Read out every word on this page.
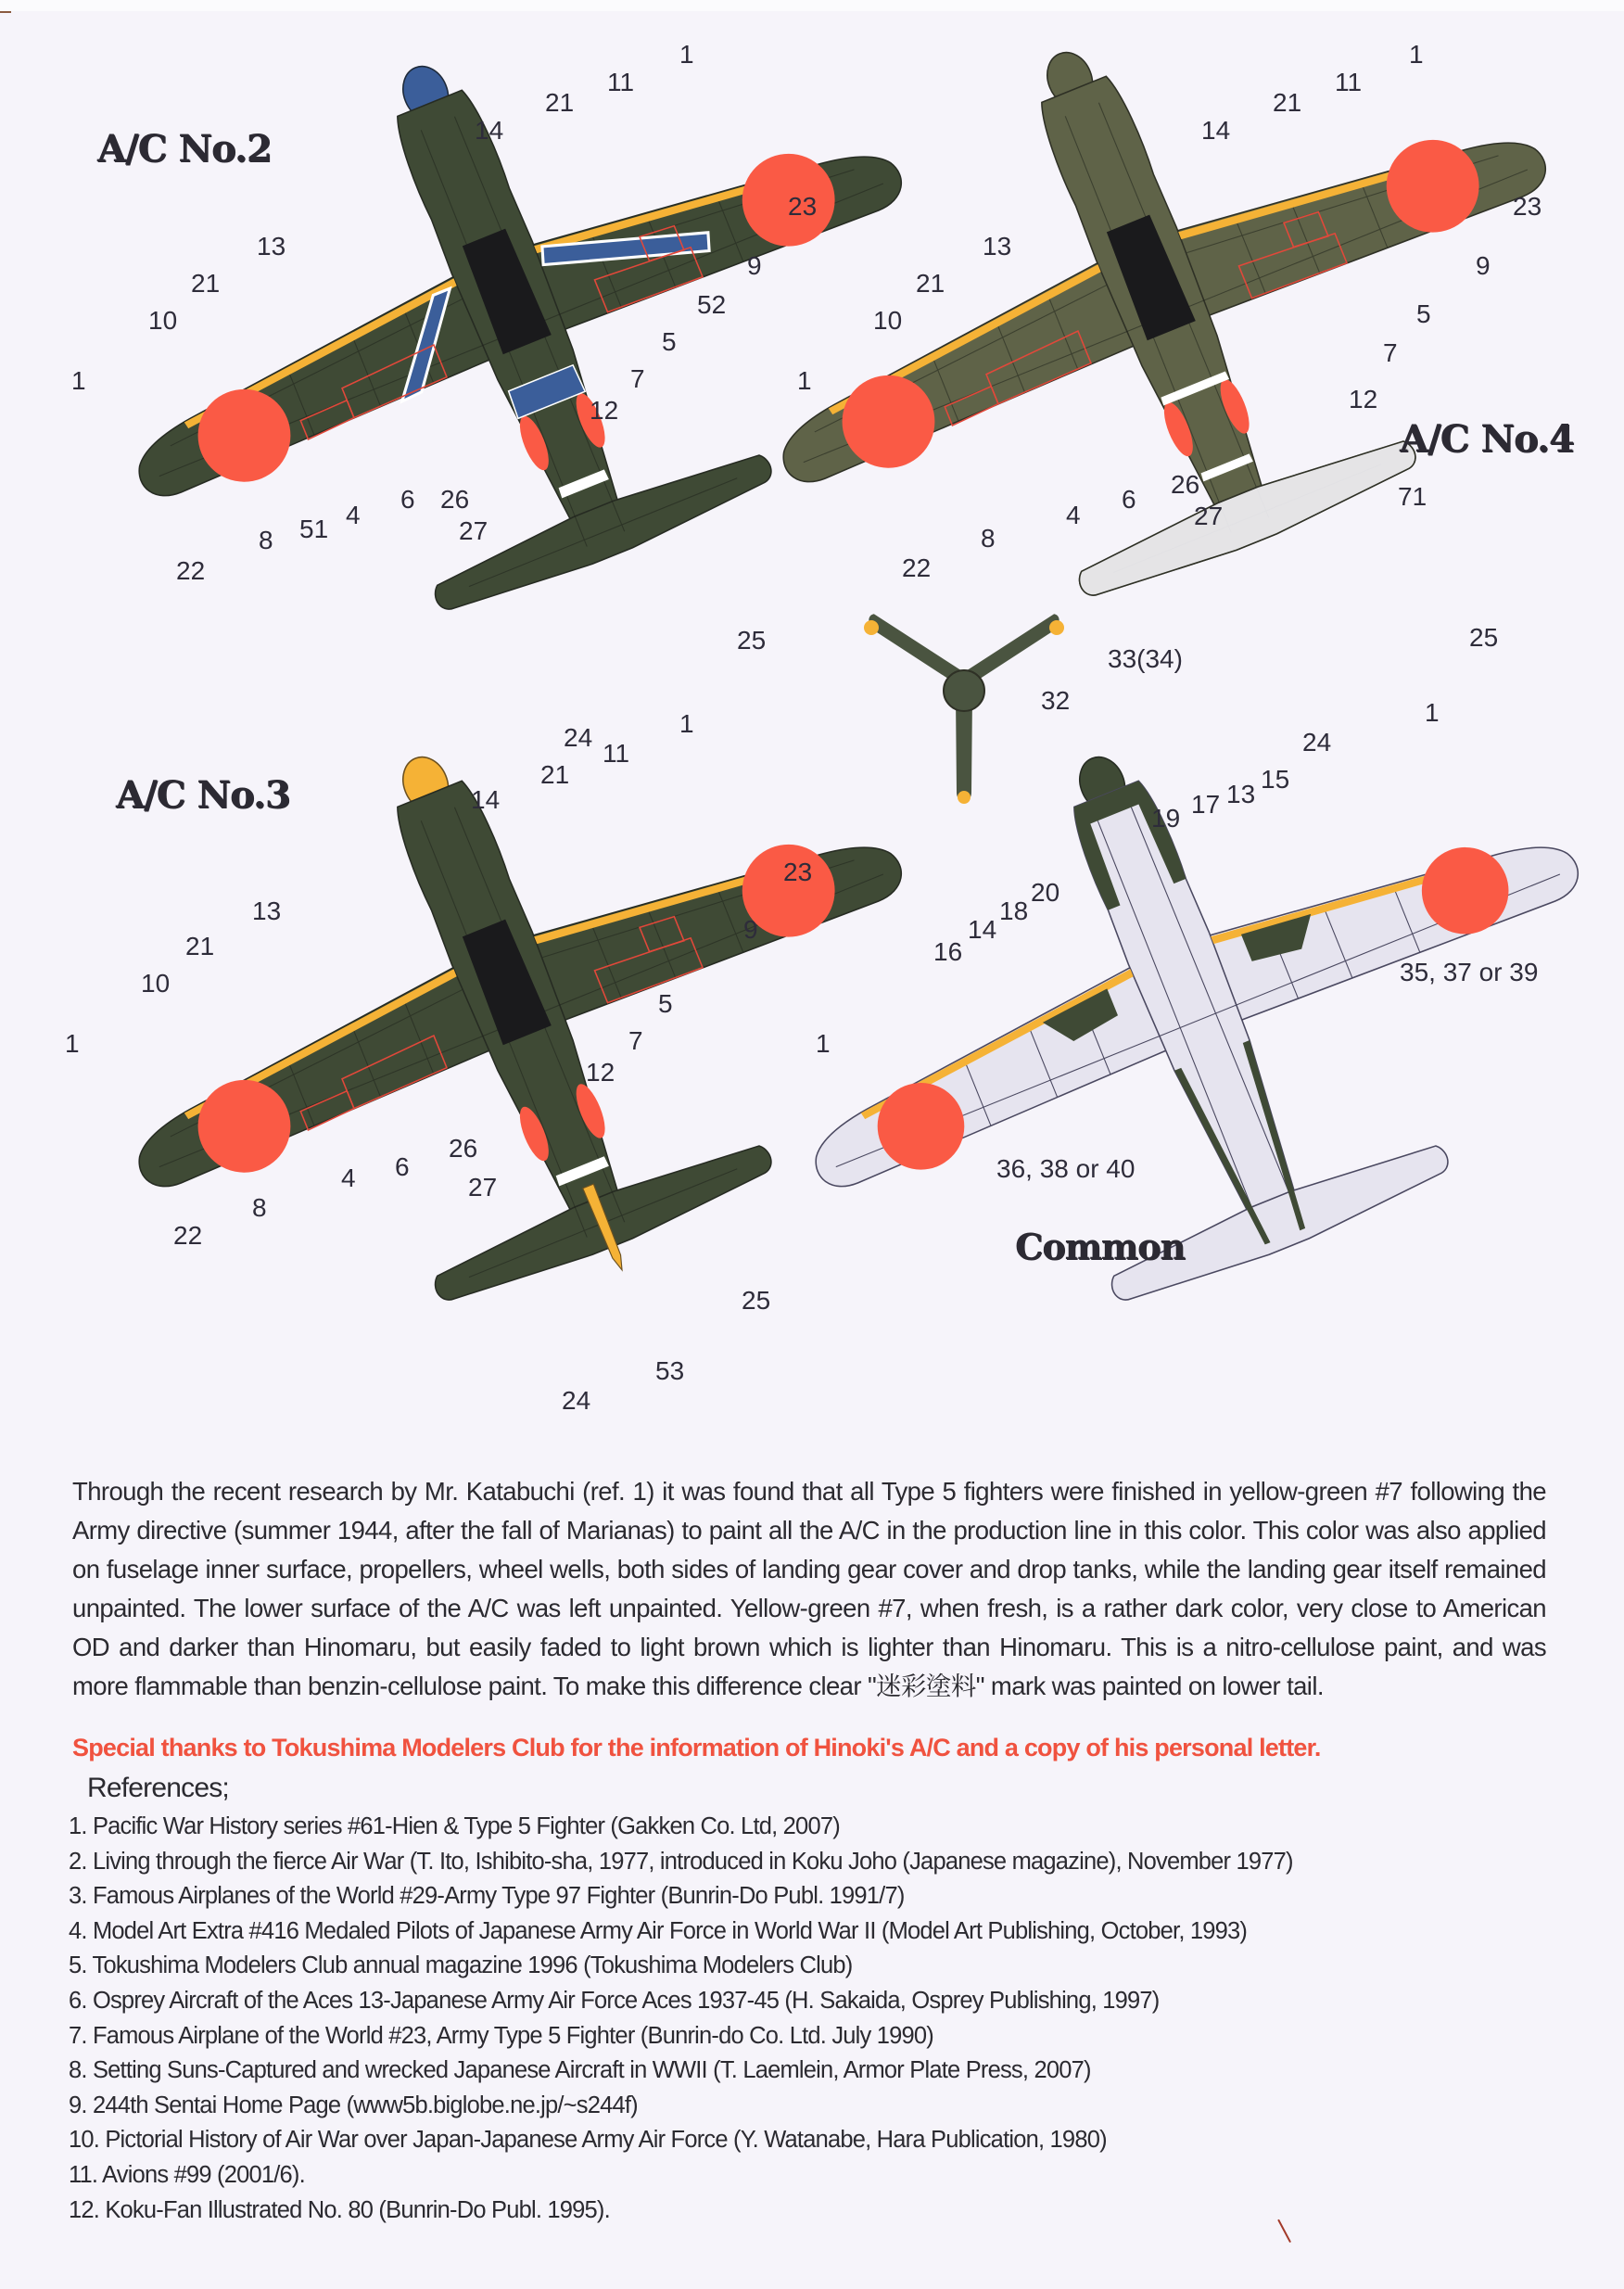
1
11
21
14
23
13
9
21
52
10
5
7
1
12
6 26
4
51
8	27
22
25
24
1
11
21
14
23
13
9
21
5
10
7
12
1
26
6
4	27
8
22
71
25
24
33(34)
32
1
11
21
14
23
13
9
21
10
5
7
12
1
26
6
4	27
8
22
25
53
24
1
15
13
17
19
20
18
14
16
35, 37 or 39
1
36, 38 or 40
A/C No.2
A/C No.4
A/C No.3
Common

Through the recent research by Mr. Katabuchi (ref. 1) it was found that all Type 5 fighters were finished in yellow-green #7 following the Army directive (summer 1944, after the fall of Marianas) to paint all the A/C in the production line in this color. This color was also applied on fuselage inner surface, propellers, wheel wells, both sides of landing gear cover and drop tanks, while the landing gear itself remained unpainted. The lower surface of the A/C was left unpainted. Yellow-green #7, when fresh, is a rather dark color, very close to American OD and darker than Hinomaru, but easily faded to light brown which is lighter than Hinomaru. This is a nitro-cellulose paint, and was more flammable than benzin-cellulose paint. To make this difference clear "迷彩塗料" mark was painted on lower tail.

Special thanks to Tokushima Modelers Club for the information of Hinoki's A/C and a copy of his personal letter.
References;
1. Pacific War History series #61-Hien & Type 5 Fighter (Gakken Co. Ltd, 2007)
2. Living through the fierce Air War (T. Ito, Ishibito-sha, 1977, introduced in Koku Joho (Japanese magazine), November 1977)
3. Famous Airplanes of the World #29-Army Type 97 Fighter (Bunrin-Do Publ. 1991/7)
4. Model Art Extra #416 Medaled Pilots of Japanese Army Air Force in World War II (Model Art Publishing, October, 1993)
5. Tokushima Modelers Club annual magazine 1996 (Tokushima Modelers Club)
6. Osprey Aircraft of the Aces 13-Japanese Army Air Force Aces 1937-45 (H. Sakaida, Osprey Publishing, 1997)
7. Famous Airplane of the World #23, Army Type 5 Fighter (Bunrin-do Co. Ltd. July 1990)
8. Setting Suns-Captured and wrecked Japanese Aircraft in WWII (T. Laemlein, Armor Plate Press, 2007)
9. 244th Sentai Home Page (www5b.biglobe.ne.jp/~s244f)
10. Pictorial History of Air War over Japan-Japanese Army Air Force (Y. Watanabe, Hara Publication, 1980)
11. Avions #99 (2001/6).
12. Koku-Fan Illustrated No. 80 (Bunrin-Do Publ. 1995).
